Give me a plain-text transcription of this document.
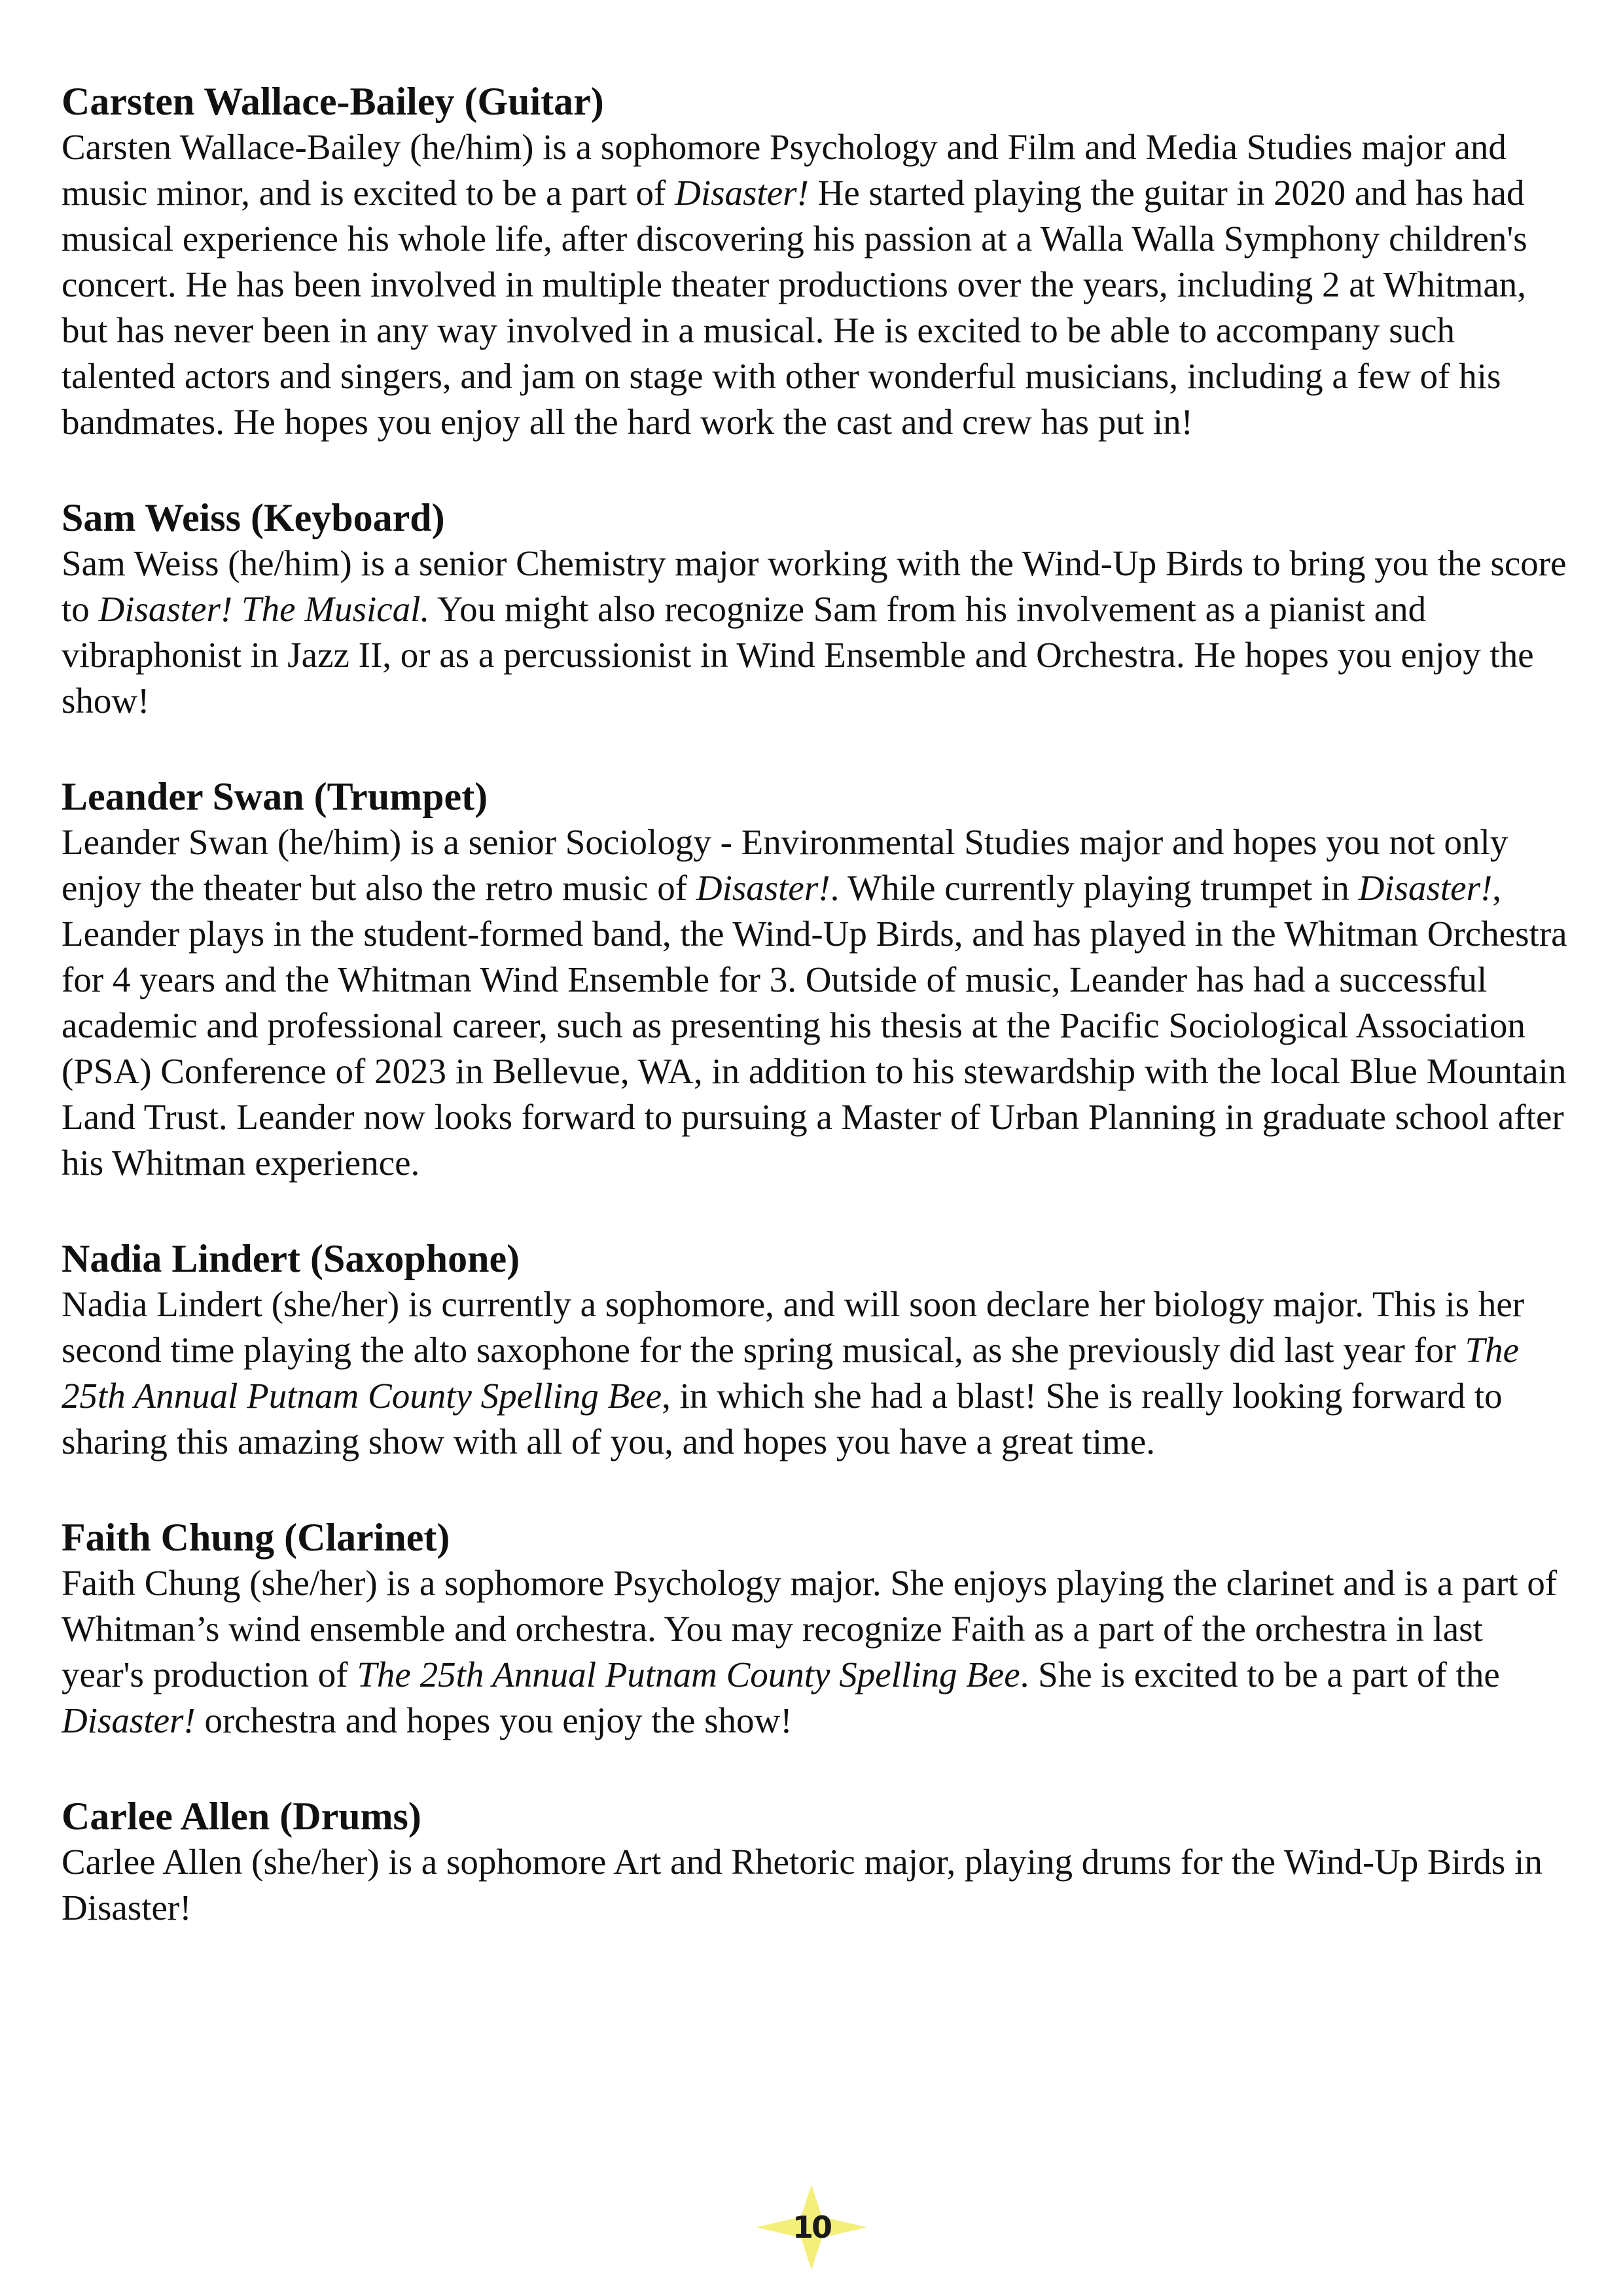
Carsten Wallace-Bailey (Guitar)

Carsten Wallace-Bailey (he/him) is a sophomore Psychology and Film and Media Studies major and music minor, and is excited to be a part of Disaster! He started playing the guitar in 2020 and has had musical experience his whole life, after discovering his passion at a Walla Walla Symphony children's concert. He has been involved in multiple theater productions over the years, including 2 at Whitman, but has never been in any way involved in a musical. He is excited to be able to accompany such talented actors and singers, and jam on stage with other wonderful musicians, including a few of his bandmates. He hopes you enjoy all the hard work the cast and crew has put in!

Sam Weiss (Keyboard)

Sam Weiss (he/him) is a senior Chemistry major working with the Wind-Up Birds to bring you the score to Disaster! The Musical. You might also recognize Sam from his involvement as a pianist and vibraphonist in Jazz II, or as a percussionist in Wind Ensemble and Orchestra. He hopes you enjoy the show!

Leander Swan (Trumpet)

Leander Swan (he/him) is a senior Sociology - Environmental Studies major and hopes you not only enjoy the theater but also the retro music of Disaster!. While currently playing trumpet in Disaster!, Leander plays in the student-formed band, the Wind-Up Birds, and has played in the Whitman Orchestra for 4 years and the Whitman Wind Ensemble for 3. Outside of music, Leander has had a successful academic and professional career, such as presenting his thesis at the Pacific Sociological Association (PSA) Conference of 2023 in Bellevue, WA, in addition to his stewardship with the local Blue Mountain Land Trust. Leander now looks forward to pursuing a Master of Urban Planning in graduate school after his Whitman experience.

Nadia Lindert (Saxophone)

Nadia Lindert (she/her) is currently a sophomore, and will soon declare her biology major. This is her second time playing the alto saxophone for the spring musical, as she previously did last year for The 25th Annual Putnam County Spelling Bee, in which she had a blast! She is really looking forward to sharing this amazing show with all of you, and hopes you have a great time.

Faith Chung (Clarinet)

Faith Chung (she/her) is a sophomore Psychology major. She enjoys playing the clarinet and is a part of Whitman’s wind ensemble and orchestra. You may recognize Faith as a part of the orchestra in last year's production of The 25th Annual Putnam County Spelling Bee. She is excited to be a part of the Disaster! orchestra and hopes you enjoy the show!

Carlee Allen (Drums)

Carlee Allen (she/her) is a sophomore Art and Rhetoric major, playing drums for the Wind-Up Birds in Disaster!

10
